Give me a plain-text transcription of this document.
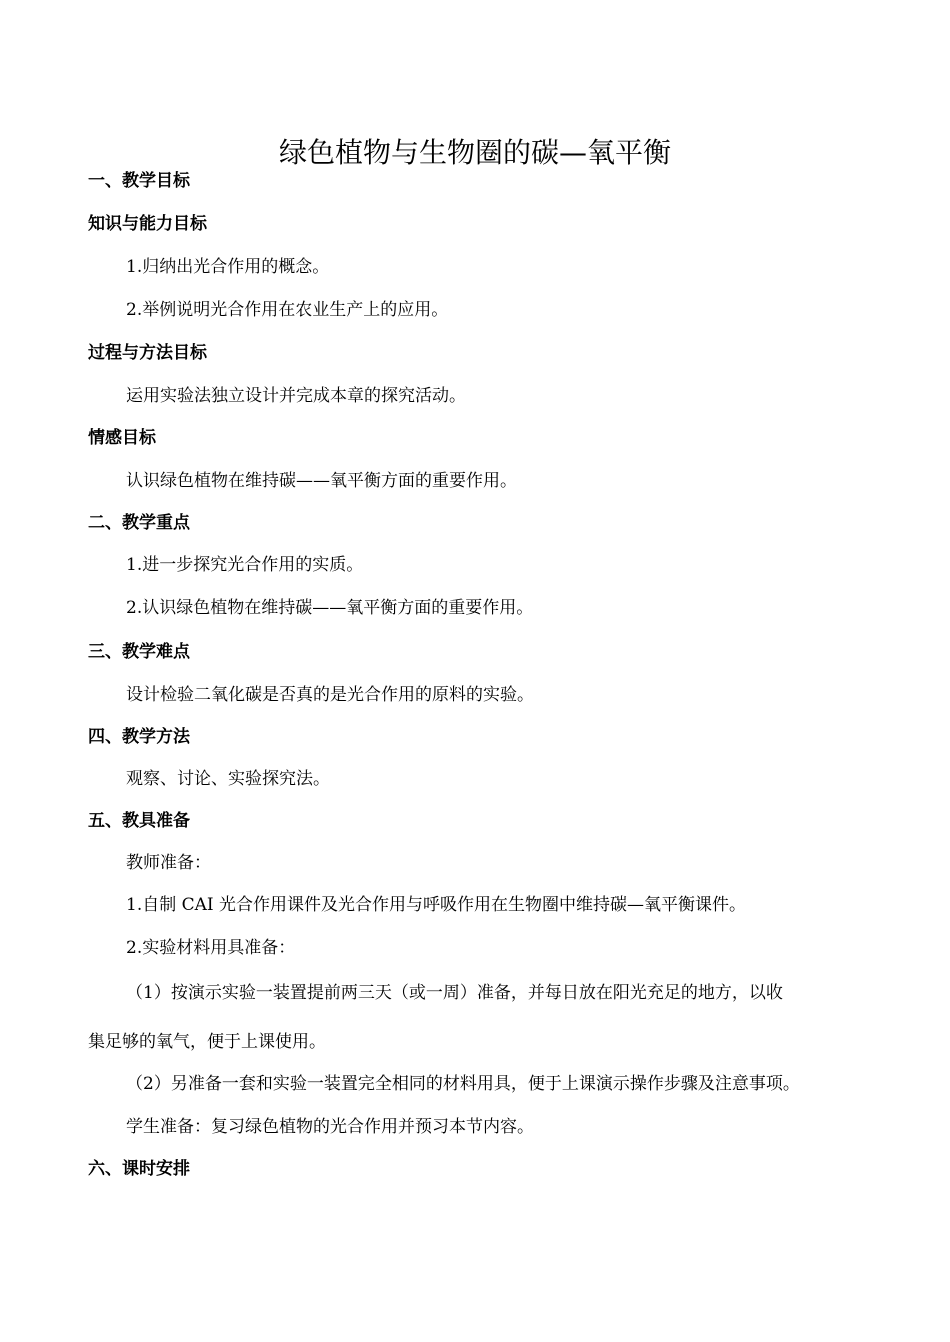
绿色植物与生物圈的碳—氧平衡
一、教学目标
知识与能力目标
1.归纳出光合作用的概念。
2.举例说明光合作用在农业生产上的应用。
过程与方法目标
运用实验法独立设计并完成本章的探究活动。
情感目标
认识绿色植物在维持碳——氧平衡方面的重要作用。
二、教学重点
1.进一步探究光合作用的实质。
2.认识绿色植物在维持碳——氧平衡方面的重要作用。
三、教学难点
设计检验二氧化碳是否真的是光合作用的原料的实验。
四、教学方法
观察、讨论、实验探究法。
五、教具准备
教师准备：
1.自制 CAI 光合作用课件及光合作用与呼吸作用在生物圈中维持碳—氧平衡课件。
2.实验材料用具准备：
（1）按演示实验一装置提前两三天（或一周）准备，并每日放在阳光充足的地方，以收
集足够的氧气，便于上课使用。
（2）另准备一套和实验一装置完全相同的材料用具，便于上课演示操作步骤及注意事项。
学生准备：复习绿色植物的光合作用并预习本节内容。
六、课时安排
